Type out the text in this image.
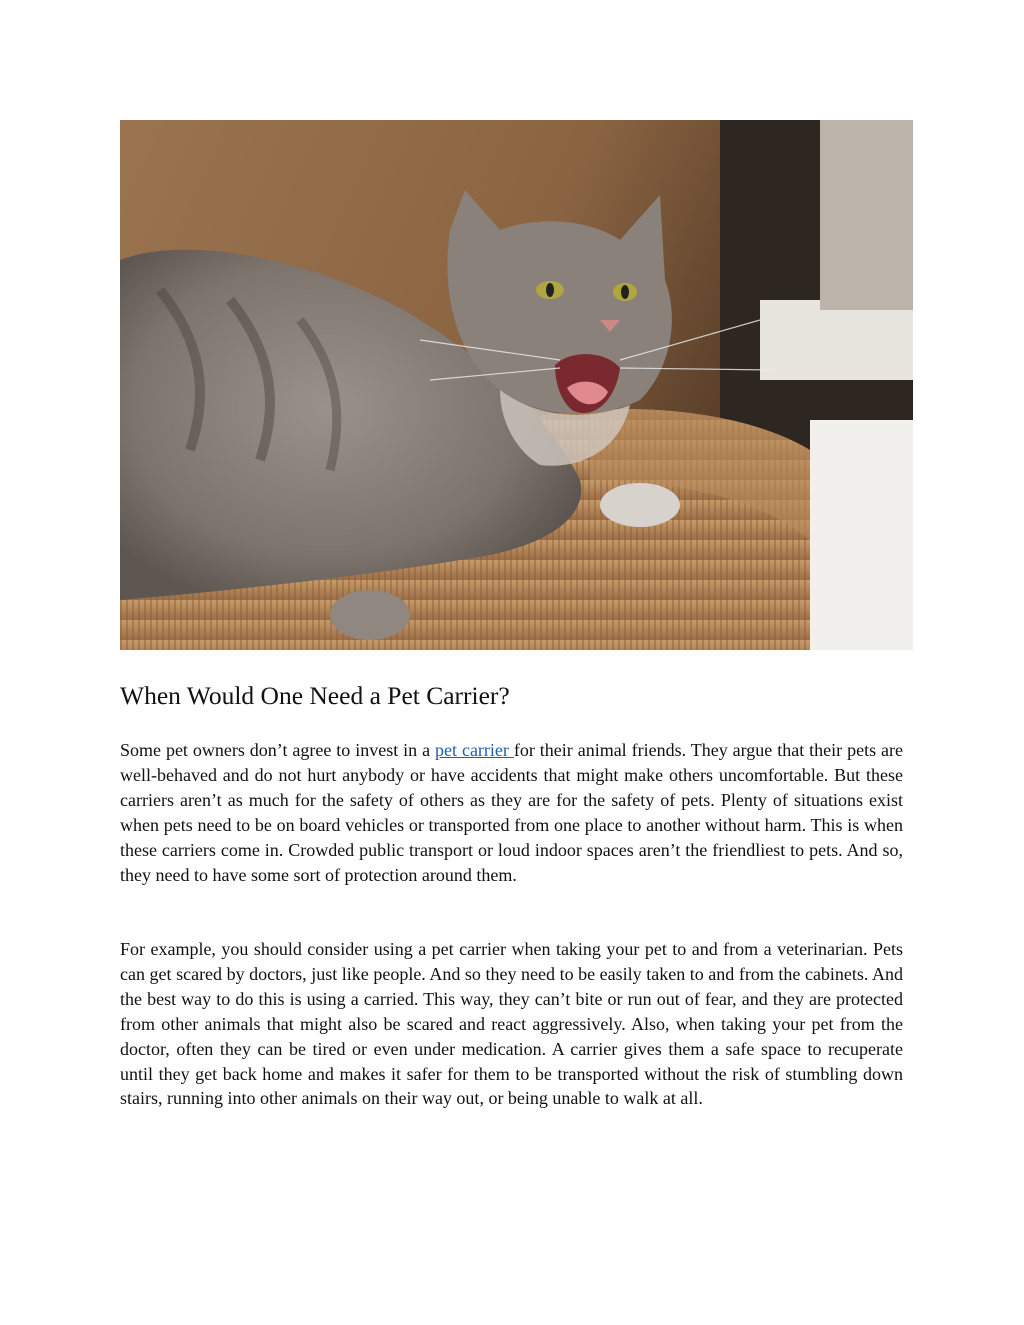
When Would One Need a Pet Carrier?

Some pet owners don’t agree to invest in a pet carrier for their animal friends. They argue that their pets are well-behaved and do not hurt anybody or have accidents that might make others uncomfortable. But these carriers aren’t as much for the safety of others as they are for the safety of pets. Plenty of situations exist when pets need to be on board vehicles or transported from one place to another without harm. This is when these carriers come in. Crowded public transport or loud indoor spaces aren’t the friendliest to pets. And so, they need to have some sort of protection around them.

For example, you should consider using a pet carrier when taking your pet to and from a veterinarian. Pets can get scared by doctors, just like people. And so they need to be easily taken to and from the cabinets. And the best way to do this is using a carried. This way, they can’t bite or run out of fear, and they are protected from other animals that might also be scared and react aggressively. Also, when taking your pet from the doctor, often they can be tired or even under medication. A carrier gives them a safe space to recuperate until they get back home and makes it safer for them to be transported without the risk of stumbling down stairs, running into other animals on their way out, or being unable to walk at all.
